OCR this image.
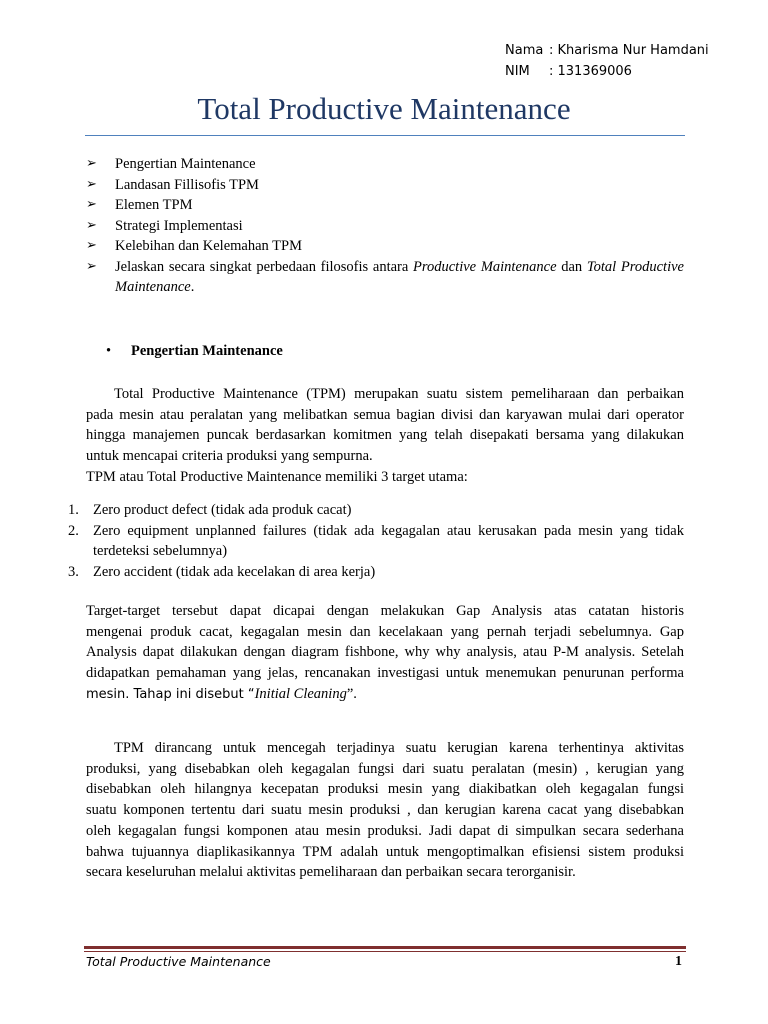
Nama : Kharisma Nur Hamdani
NIM : 131369006
Total Productive Maintenance
➢ Pengertian Maintenance
➢ Landasan Fillisofis TPM
➢ Elemen TPM
➢ Strategi Implementasi
➢ Kelebihan dan Kelemahan TPM
➢ Jelaskan secara singkat perbedaan filosofis antara Productive Maintenance dan Total Productive Maintenance.
• Pengertian Maintenance
Total Productive Maintenance (TPM) merupakan suatu sistem pemeliharaan dan perbaikan
pada mesin atau peralatan yang melibatkan semua bagian divisi dan karyawan mulai dari operator
hingga manajemen puncak berdasarkan komitmen yang telah disepakati bersama yang dilakukan
untuk mencapai criteria produksi yang sempurna.
TPM atau Total Productive Maintenance memiliki 3 target utama:
1. Zero product defect (tidak ada produk cacat)
2. Zero equipment unplanned failures (tidak ada kegagalan atau kerusakan pada mesin yang tidak terdeteksi sebelumnya)
3. Zero accident (tidak ada kecelakan di area kerja)
Target-target tersebut dapat dicapai dengan melakukan Gap Analysis atas catatan historis
mengenai produk cacat, kegagalan mesin dan kecelakaan yang pernah terjadi sebelumnya. Gap
Analysis dapat dilakukan dengan diagram fishbone, why why analysis, atau P-M analysis. Setelah
didapatkan pemahaman yang jelas, rencanakan investigasi untuk menemukan penurunan performa
mesin. Tahap ini disebut “Initial Cleaning”.
TPM dirancang untuk mencegah terjadinya suatu kerugian karena terhentinya aktivitas
produksi, yang disebabkan oleh kegagalan fungsi dari suatu peralatan (mesin) , kerugian yang
disebabkan oleh hilangnya kecepatan produksi mesin yang diakibatkan oleh kegagalan fungsi
suatu komponen tertentu dari suatu mesin produksi , dan kerugian karena cacat yang disebabkan
oleh kegagalan fungsi komponen atau mesin produksi. Jadi dapat di simpulkan secara sederhana
bahwa tujuannya diaplikasikannya TPM adalah untuk mengoptimalkan efisiensi sistem produksi
secara keseluruhan melalui aktivitas pemeliharaan dan perbaikan secara terorganisir.
Total Productive Maintenance	1
